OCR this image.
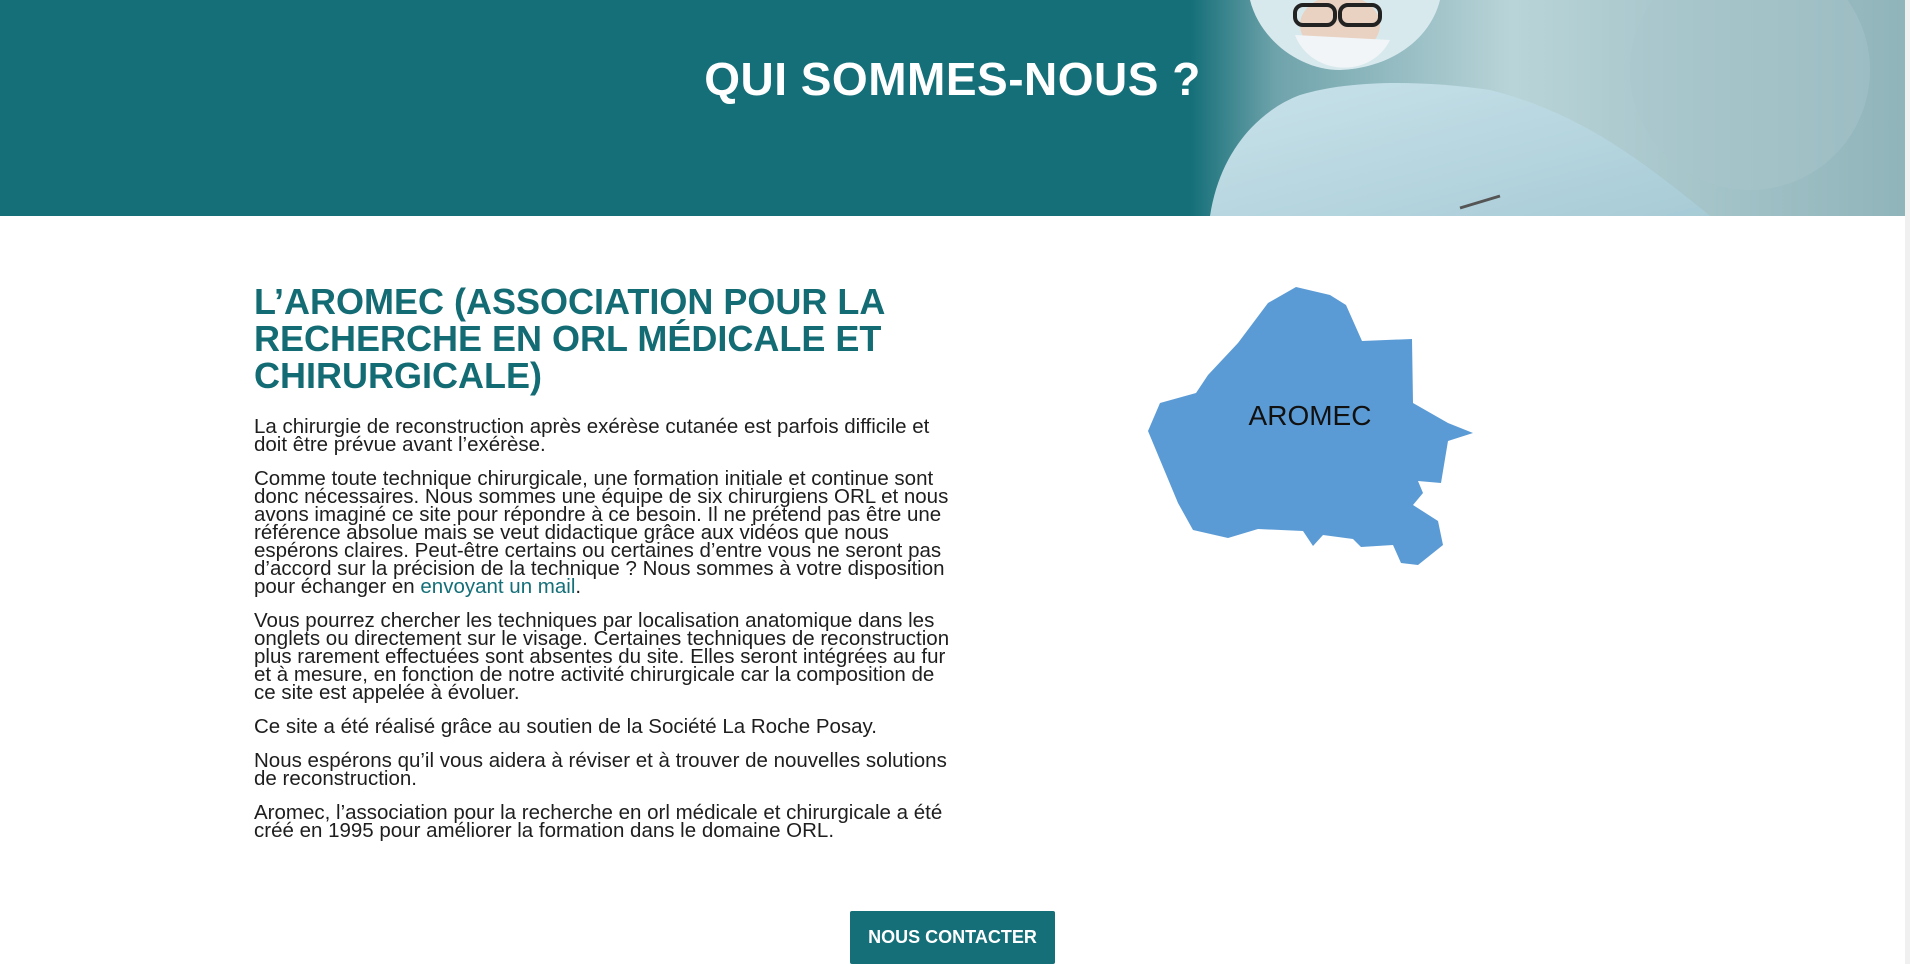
QUI SOMMES-NOUS ?
L’AROMEC (ASSOCIATION POUR LA RECHERCHE EN ORL MÉDICALE ET CHIRURGICALE)

La chirurgie de reconstruction après exérèse cutanée est parfois difficile et doit être prévue avant l’exérèse.

Comme toute technique chirurgicale, une formation initiale et continue sont donc nécessaires. Nous sommes une équipe de six chirurgiens ORL et nous avons imaginé ce site pour répondre à ce besoin. Il ne prétend pas être une référence absolue mais se veut didactique grâce aux vidéos que nous espérons claires. Peut-être certains ou certaines d’entre vous ne seront pas d’accord sur la précision de la technique ? Nous sommes à votre disposition pour échanger en envoyant un mail.

Vous pourrez chercher les techniques par localisation anatomique dans les onglets ou directement sur le visage. Certaines techniques de reconstruction plus rarement effectuées sont absentes du site. Elles seront intégrées au fur et à mesure, en fonction de notre activité chirurgicale car la composition de ce site est appelée à évoluer.

Ce site a été réalisé grâce au soutien de la Société La Roche Posay.

Nous espérons qu’il vous aidera à réviser et à trouver de nouvelles solutions de reconstruction.

Aromec, l’association pour la recherche en orl médicale et chirurgicale a été créé en 1995 pour améliorer la formation dans le domaine ORL.

AROMEC
NOUS CONTACTER
